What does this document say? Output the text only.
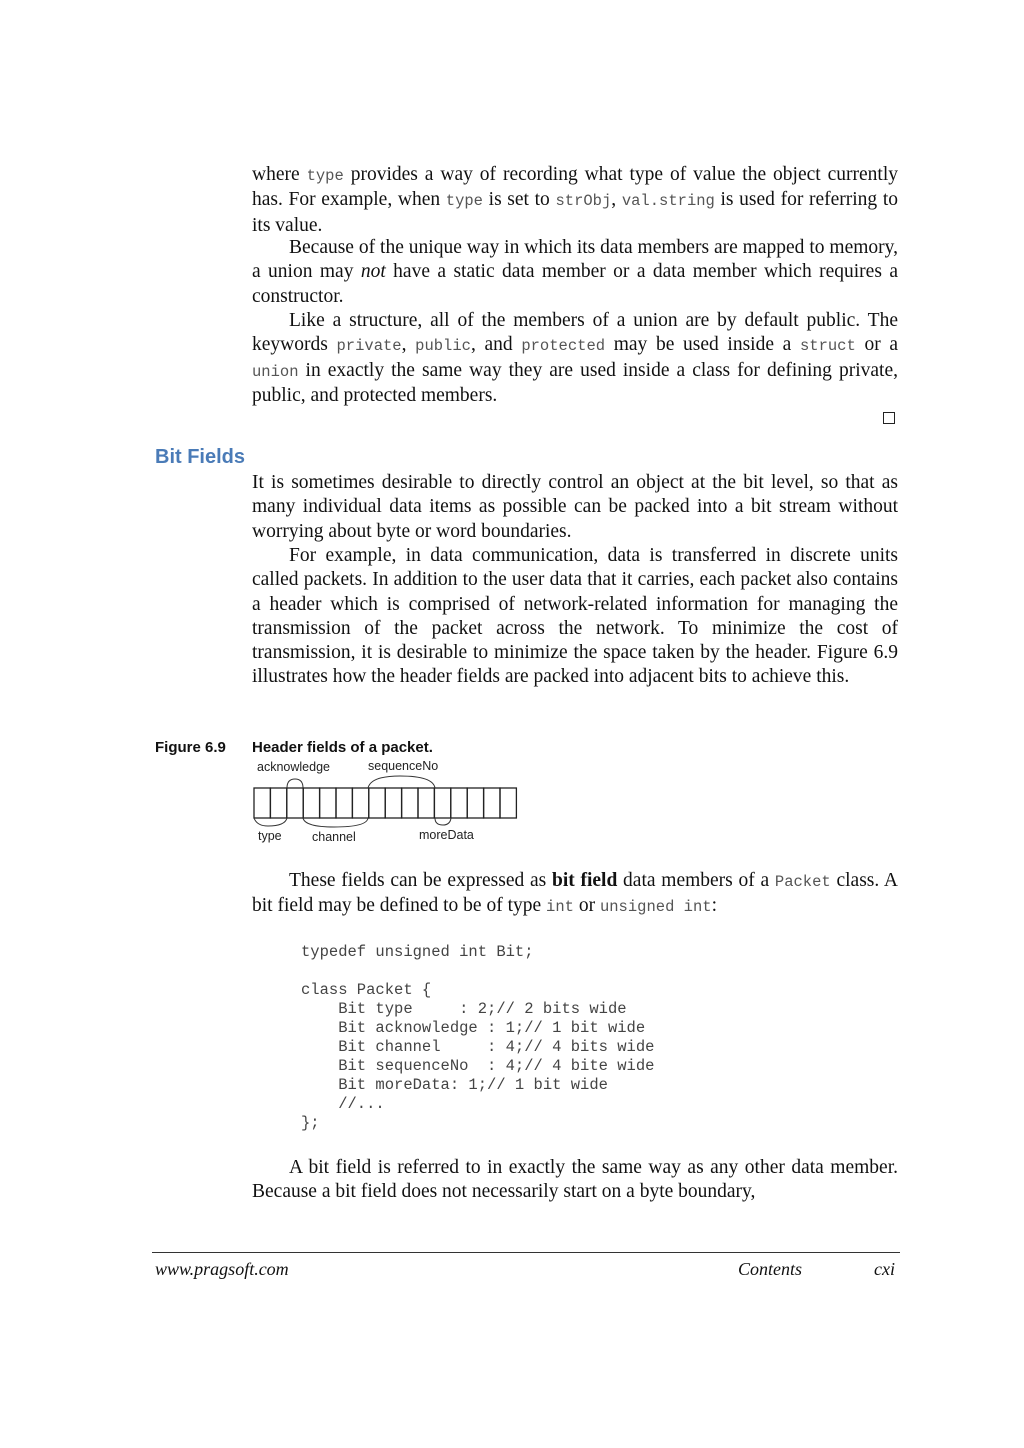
where type provides a way of recording what type of value the object currently has. For example, when type is set to strObj, val.string is used for referring to its value.

Because of the unique way in which its data members are mapped to memory, a union may not have a static data member or a data member which requires a constructor.

Like a structure, all of the members of a union are by default public. The keywords private, public, and protected may be used inside a struct or a union in exactly the same way they are used inside a class for defining private, public, and protected members.

Bit Fields

It is sometimes desirable to directly control an object at the bit level, so that as many individual data items as possible can be packed into a bit stream without worrying about byte or word boundaries.

For example, in data communication, data is transferred in discrete units called packets. In addition to the user data that it carries, each packet also contains a header which is comprised of network-related information for managing the transmission of the packet across the network. To minimize the cost of transmission, it is desirable to minimize the space taken by the header. Figure 6.9 illustrates how the header fields are packed into adjacent bits to achieve this.

Figure 6.9 Header fields of a packet.
acknowledge	sequenceNo
type channel	moreData

These fields can be expressed as bit field data members of a Packet class. A bit field may be defined to be of type int or unsigned int:

typedef unsigned int Bit;

class Packet {
Bit type     : 2;// 2 bits wide
Bit acknowledge : 1;// 1 bit wide
Bit channel     : 4;// 4 bits wide
Bit sequenceNo  : 4;// 4 bite wide
Bit moreData: 1;// 1 bit wide
//...
};

A bit field is referred to in exactly the same way as any other data member. Because a bit field does not necessarily start on a byte boundary,

www.pragsoft.com	Contents	cxi
